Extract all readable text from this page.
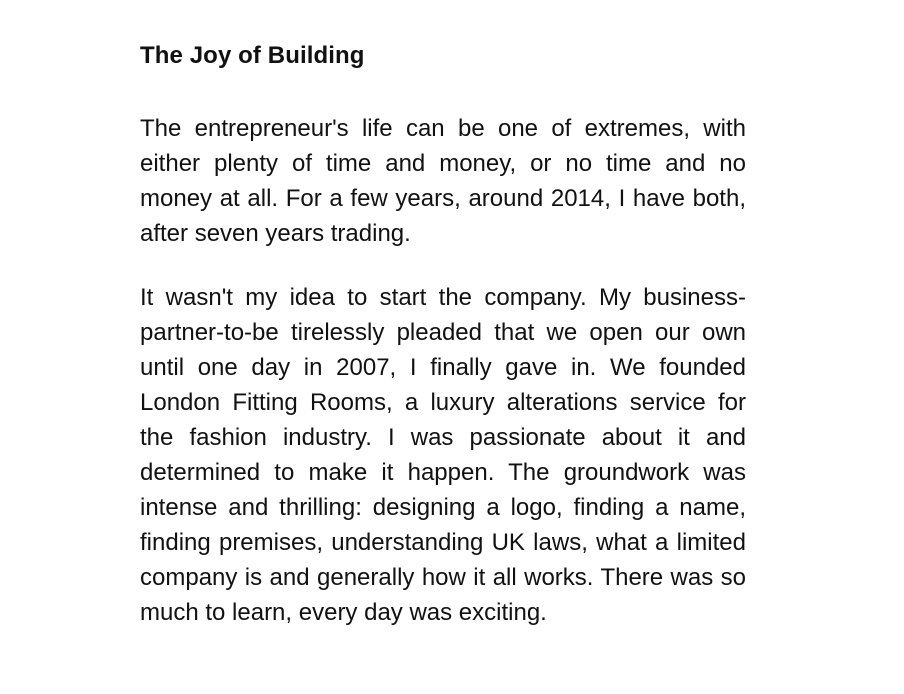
The Joy of Building

The entrepreneur's life can be one of extremes, with either plenty of time and money, or no time and no money at all. For a few years, around 2014, I have both, after seven years trading.

It wasn't my idea to start the company. My business-partner-to-be tirelessly pleaded that we open our own until one day in 2007, I finally gave in. We founded London Fitting Rooms, a luxury alterations service for the fashion industry. I was passionate about it and determined to make it happen. The groundwork was intense and thrilling: designing a logo, finding a name, finding premises, understanding UK laws, what a limited company is and generally how it all works. There was so much to learn, every day was exciting.
